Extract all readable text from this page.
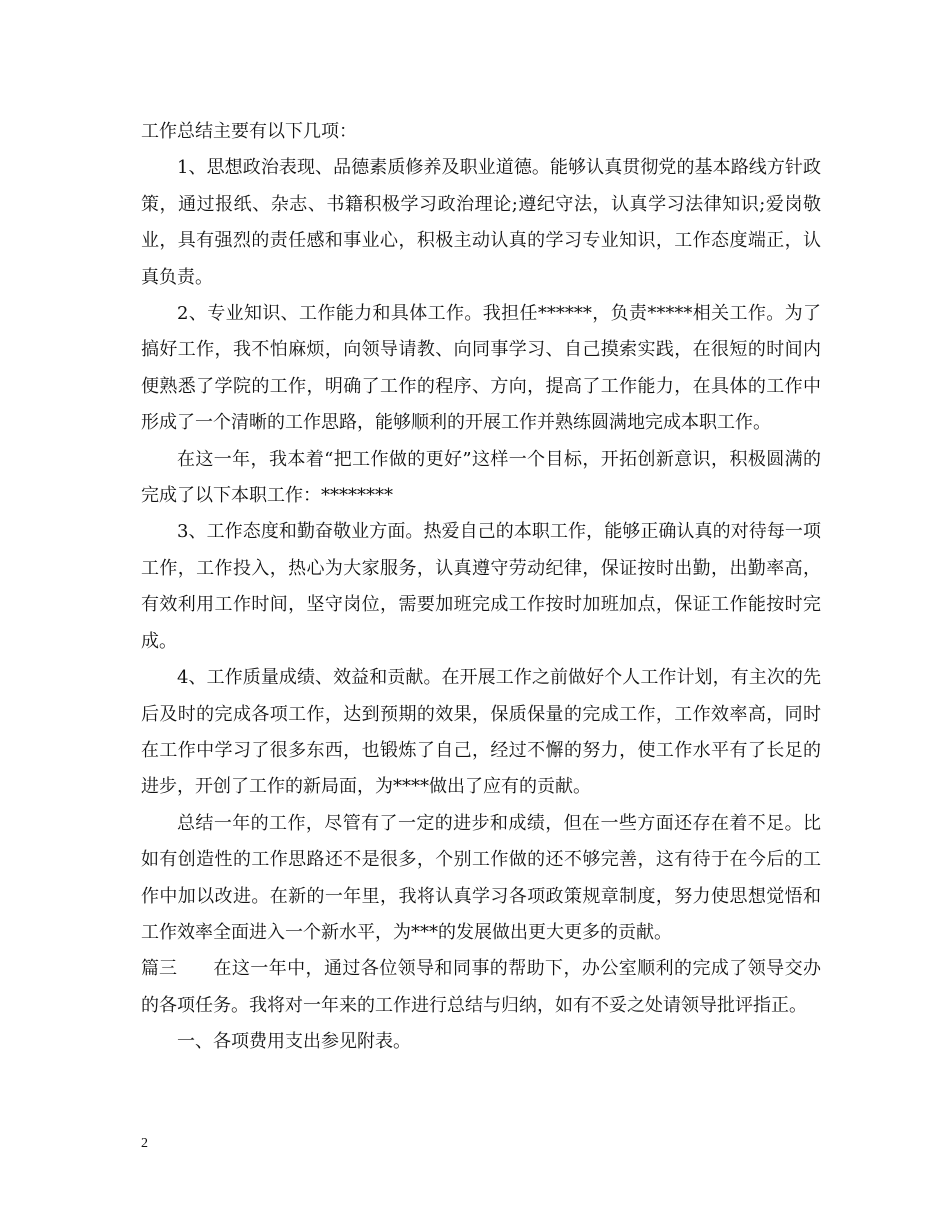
工作总结主要有以下几项：

1、思想政治表现、品德素质修养及职业道德。能够认真贯彻党的基本路线方针政策，通过报纸、杂志、书籍积极学习政治理论;遵纪守法，认真学习法律知识;爱岗敬业，具有强烈的责任感和事业心，积极主动认真的学习专业知识，工作态度端正，认真负责。

2、专业知识、工作能力和具体工作。我担任******，负责*****相关工作。为了搞好工作，我不怕麻烦，向领导请教、向同事学习、自己摸索实践，在很短的时间内便熟悉了学院的工作，明确了工作的程序、方向，提高了工作能力，在具体的工作中形成了一个清晰的工作思路，能够顺利的开展工作并熟练圆满地完成本职工作。

在这一年，我本着“把工作做的更好”这样一个目标，开拓创新意识，积极圆满的完成了以下本职工作：********

3、工作态度和勤奋敬业方面。热爱自己的本职工作，能够正确认真的对待每一项工作，工作投入，热心为大家服务，认真遵守劳动纪律，保证按时出勤，出勤率高，有效利用工作时间，坚守岗位，需要加班完成工作按时加班加点，保证工作能按时完成。

4、工作质量成绩、效益和贡献。在开展工作之前做好个人工作计划，有主次的先后及时的完成各项工作，达到预期的效果，保质保量的完成工作，工作效率高，同时在工作中学习了很多东西，也锻炼了自己，经过不懈的努力，使工作水平有了长足的进步，开创了工作的新局面，为****做出了应有的贡献。

总结一年的工作，尽管有了一定的进步和成绩，但在一些方面还存在着不足。比如有创造性的工作思路还不是很多，个别工作做的还不够完善，这有待于在今后的工作中加以改进。在新的一年里，我将认真学习各项政策规章制度，努力使思想觉悟和工作效率全面进入一个新水平，为***的发展做出更大更多的贡献。

篇三 在这一年中，通过各位领导和同事的帮助下，办公室顺利的完成了领导交办的各项任务。我将对一年来的工作进行总结与归纳，如有不妥之处请领导批评指正。

一、各项费用支出参见附表。

2
